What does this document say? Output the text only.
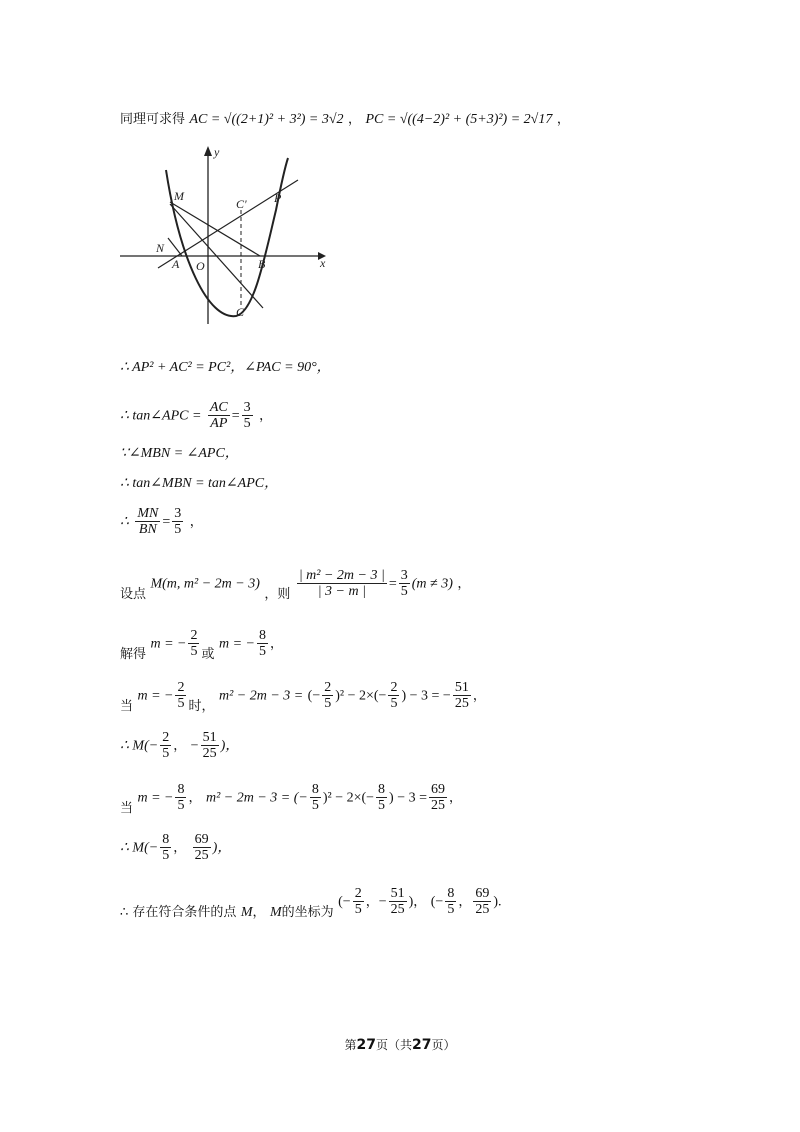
同理可求得 AC = √((2+1)² + 3²) = 3√2 ， PC = √((4−2)² + (5+3)²) = 2√17 ，
x
y
M
N
A O	B
C
C' P
∴ AP² + AC² = PC²，∠PAC = 90°，
∴ tan∠APC = $\frac{AC}{AP} = \frac{3}{5}$ ，
∵∠MBN = ∠APC，
∴ tan∠MBN = tan∠APC，
∴ $\frac{MN}{BN} = \frac{3}{5}$ ，
设点 M(m, m² − 2m − 3) ，则 $\frac{\text{| m² − 2m − 3 |}}{| 3 - m |} = \frac{3}{5} (m \ne 3)$ ，
解得 m = − $\frac{2}{5}$ 或 m = − $\frac{8}{5}$ ，
当 m = − $\frac{2}{5}$ 时， m² − 2m − 3 = (− $\frac{2}{5} )^2 - 2\times(- \frac{2}{5}$ ) − 3 = − $\frac{51}{25}$ ，
∴ $M(- \frac{2}{5}$ ， − $\frac{51}{25}$ )，
当 m = − $\frac{8}{5}$ ， m² − 2m − 3 = (− $\frac{8}{5} )^2 - 2\times(- \frac{8}{5}$ ) − $3 = \frac{69}{25}$ ，
∴ $M(- \frac{8}{5}$ ， $\frac{69}{25}$ )，
∴ 存在符合条件的点 M， M的坐标为 (− $\frac{2}{5}$ ，− $\frac{51}{25}$ )， (− $\frac{8}{5}$ ， $\frac{69}{25}$ ).
第27页（共27页）
